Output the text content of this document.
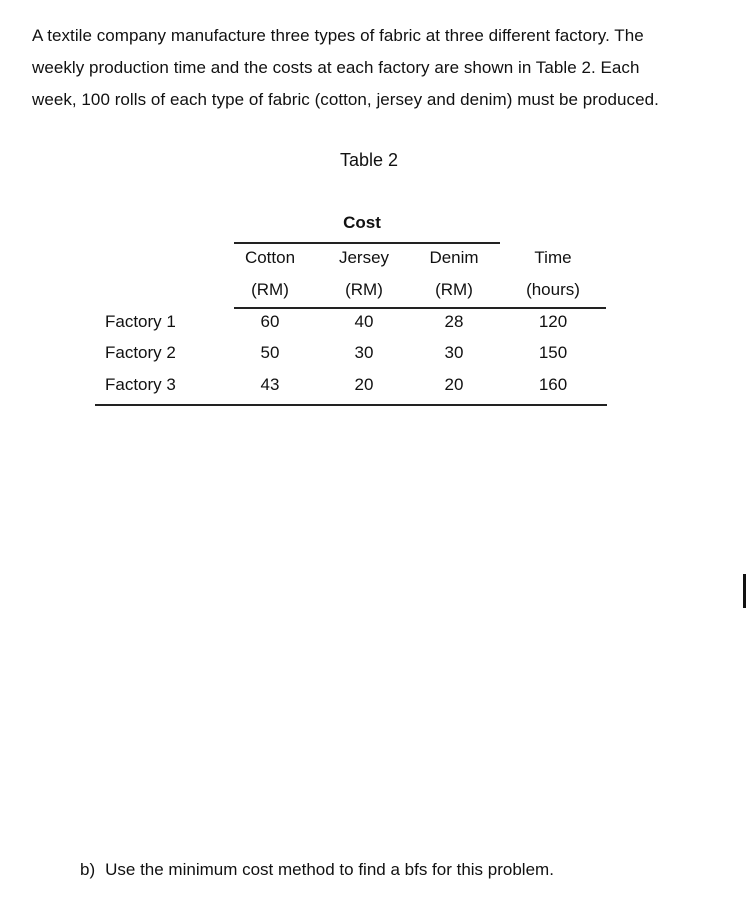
A textile company manufacture three types of fabric at three different factory. The
weekly production time and the costs at each factory are shown in Table 2. Each
week, 100 rolls of each type of fabric (cotton, jersey and denim) must be produced.
Table 2
Cost
Cotton	Jersey	Denim	Time
(RM)	(RM)	(RM)	(hours)
Factory 1	60	40	28	120
Factory 2	50	30	30	150
Factory 3	43	20	20	160
b) Use the minimum cost method to find a bfs for this problem.
